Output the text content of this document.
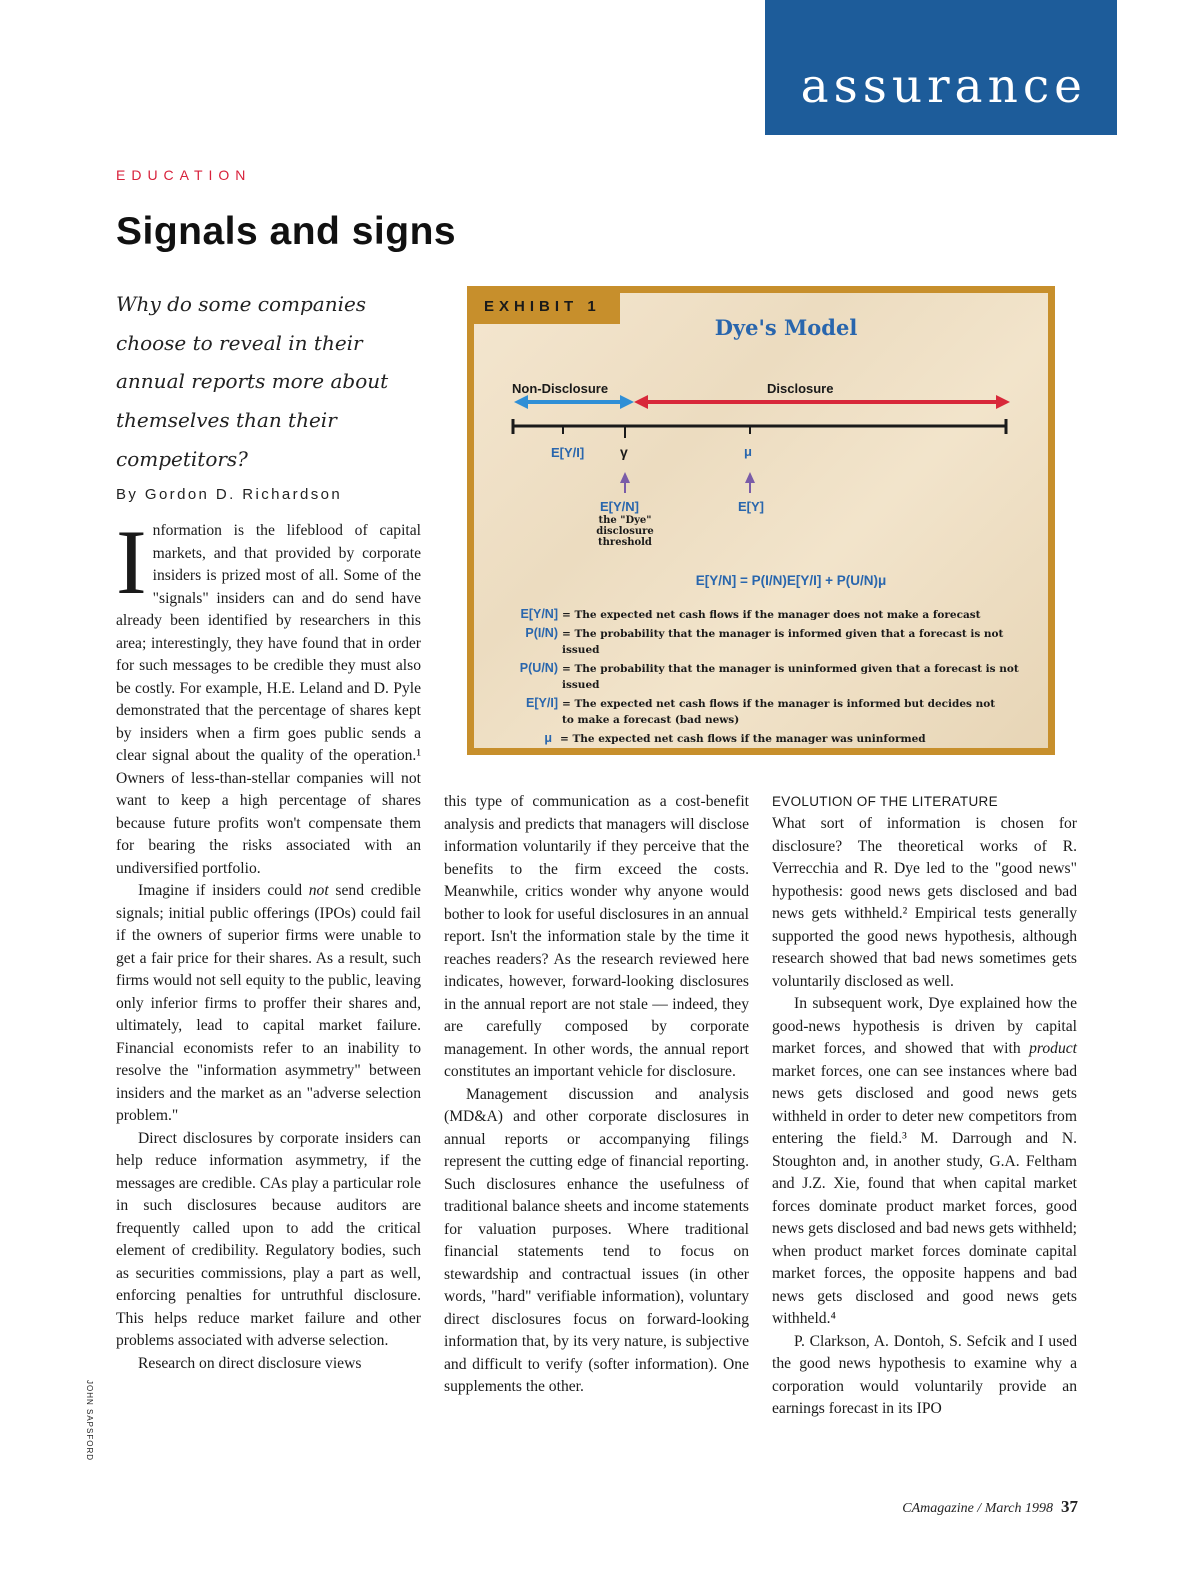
assurance
EDUCATION
Signals and signs
Why do some companies choose to reveal in their annual reports more about themselves than their competitors?
By Gordon D. Richardson
EXHIBIT 1
Dye's Model
Non-Disclosure	Disclosure
E[Y/I]	γ	μ
E[Y/N]
the "Dye" disclosure threshold
E[Y]
E[Y/N] = P(I/N)E[Y/I] + P(U/N)μ
E[Y/N] = The expected net cash flows if the manager does not make a forecast
P(I/N) = The probability that the manager is informed given that a forecast is not issued
P(U/N) = The probability that the manager is uninformed given that a forecast is not issued
E[Y/I] = The expected net cash flows if the manager is informed but decides not to make a forecast (bad news)
μ = The expected net cash flows if the manager was uninformed (and therefore did not disclose)

Information is the lifeblood of capital markets, and that provided by corporate insiders is prized most of all. Some of the "signals" insiders can and do send have already been identified by researchers in this area; interestingly, they have found that in order for such messages to be credible they must also be costly. For example, H.E. Leland and D. Pyle demonstrated that the percentage of shares kept by insiders when a firm goes public sends a clear signal about the quality of the operation.¹ Owners of less-than-stellar companies will not want to keep a high percentage of shares because future profits won't compensate them for bearing the risks associated with an undiversified portfolio.

Imagine if insiders could not send credible signals; initial public offerings (IPOs) could fail if the owners of superior firms were unable to get a fair price for their shares. As a result, such firms would not sell equity to the public, leaving only inferior firms to proffer their shares and, ultimately, lead to capital market failure. Financial economists refer to an inability to resolve the "information asymmetry" between insiders and the market as an "adverse selection problem."

Direct disclosures by corporate insiders can help reduce information asymmetry, if the messages are credible. CAs play a particular role in such disclosures because auditors are frequently called upon to add the critical element of credibility. Regulatory bodies, such as securities commissions, play a part as well, enforcing penalties for untruthful disclosure. This helps reduce market failure and other problems associated with adverse selection.

Research on direct disclosure views

JOHN SAPSFORD

this type of communication as a cost-benefit analysis and predicts that managers will disclose information voluntarily if they perceive that the benefits to the firm exceed the costs. Meanwhile, critics wonder why anyone would bother to look for useful disclosures in an annual report. Isn't the information stale by the time it reaches readers? As the research reviewed here indicates, however, forward-looking disclosures in the annual report are not stale — indeed, they are carefully composed by corporate management. In other words, the annual report constitutes an important vehicle for disclosure.

Management discussion and analysis (MD&A) and other corporate disclosures in annual reports or accompanying filings represent the cutting edge of financial reporting. Such disclosures enhance the usefulness of traditional balance sheets and income statements for valuation purposes. Where traditional financial statements tend to focus on stewardship and contractual issues (in other words, "hard" verifiable information), voluntary direct disclosures focus on forward-looking information that, by its very nature, is subjective and difficult to verify (softer information). One supplements the other.

EVOLUTION OF THE LITERATURE

What sort of information is chosen for disclosure? The theoretical works of R. Verrecchia and R. Dye led to the "good news" hypothesis: good news gets disclosed and bad news gets withheld.² Empirical tests generally supported the good news hypothesis, although research showed that bad news sometimes gets voluntarily disclosed as well.

In subsequent work, Dye explained how the good-news hypothesis is driven by capital market forces, and showed that with product market forces, one can see instances where bad news gets disclosed and good news gets withheld in order to deter new competitors from entering the field.³ M. Darrough and N. Stoughton and, in another study, G.A. Feltham and J.Z. Xie, found that when capital market forces dominate product market forces, good news gets disclosed and bad news gets withheld; when product market forces dominate capital market forces, the opposite happens and bad news gets disclosed and good news gets withheld.⁴

P. Clarkson, A. Dontoh, S. Sefcik and I used the good news hypothesis to examine why a corporation would voluntarily provide an earnings forecast in its IPO

CAmagazine / March 1998 37
